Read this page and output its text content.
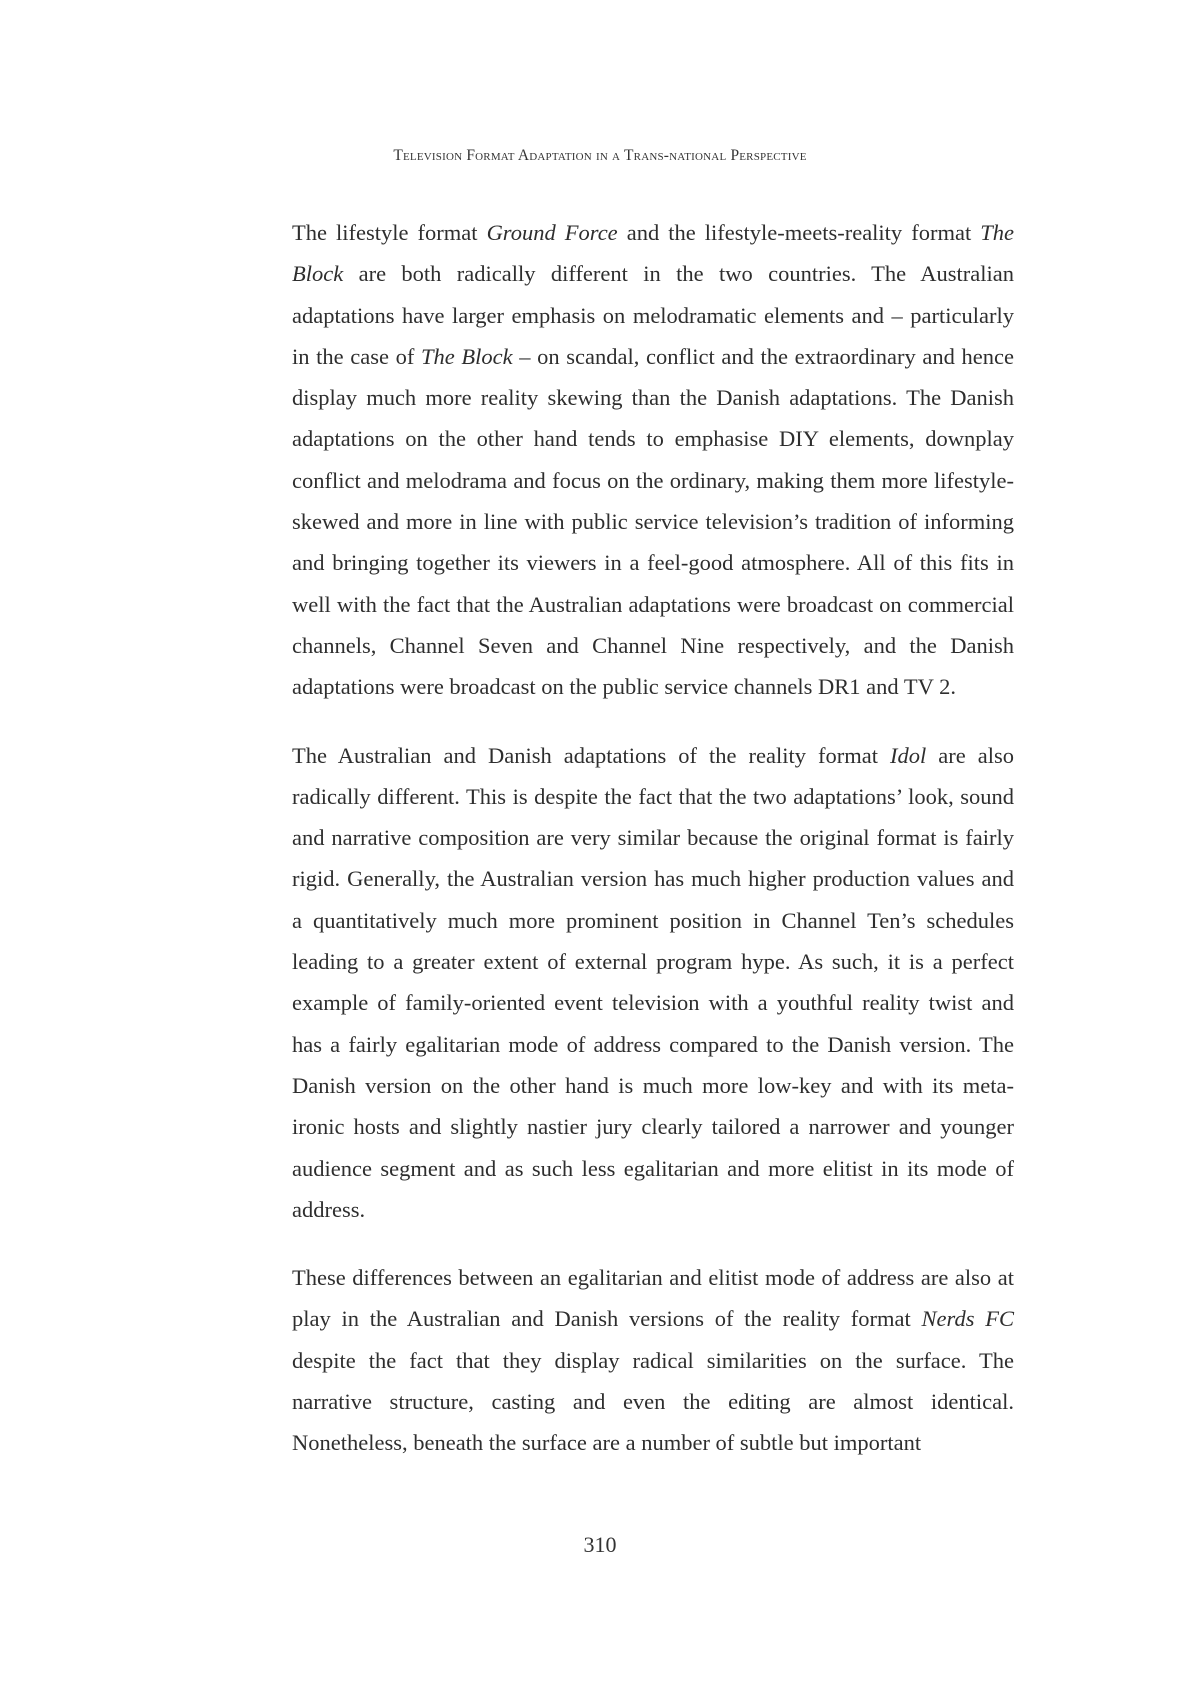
Television Format Adaptation in a Trans-national Perspective

The lifestyle format Ground Force and the lifestyle-meets-reality format The Block are both radically different in the two countries. The Australian adaptations have larger emphasis on melodramatic elements and – particularly in the case of The Block – on scandal, conflict and the extraordinary and hence display much more reality skewing than the Danish adaptations. The Danish adaptations on the other hand tends to emphasise DIY elements, downplay conflict and melodrama and focus on the ordinary, making them more lifestyle-skewed and more in line with public service television’s tradition of informing and bringing together its viewers in a feel-good atmosphere. All of this fits in well with the fact that the Australian adaptations were broadcast on commercial channels, Channel Seven and Channel Nine respectively, and the Danish adaptations were broadcast on the public service channels DR1 and TV 2.

The Australian and Danish adaptations of the reality format Idol are also radically different. This is despite the fact that the two adaptations’ look, sound and narrative composition are very similar because the original format is fairly rigid. Generally, the Australian version has much higher production values and a quantitatively much more prominent position in Channel Ten’s schedules leading to a greater extent of external program hype. As such, it is a perfect example of family-oriented event television with a youthful reality twist and has a fairly egalitarian mode of address compared to the Danish version. The Danish version on the other hand is much more low-key and with its meta-ironic hosts and slightly nastier jury clearly tailored a narrower and younger audience segment and as such less egalitarian and more elitist in its mode of address.

These differences between an egalitarian and elitist mode of address are also at play in the Australian and Danish versions of the reality format Nerds FC despite the fact that they display radical similarities on the surface. The narrative structure, casting and even the editing are almost identical. Nonetheless, beneath the surface are a number of subtle but important

310
